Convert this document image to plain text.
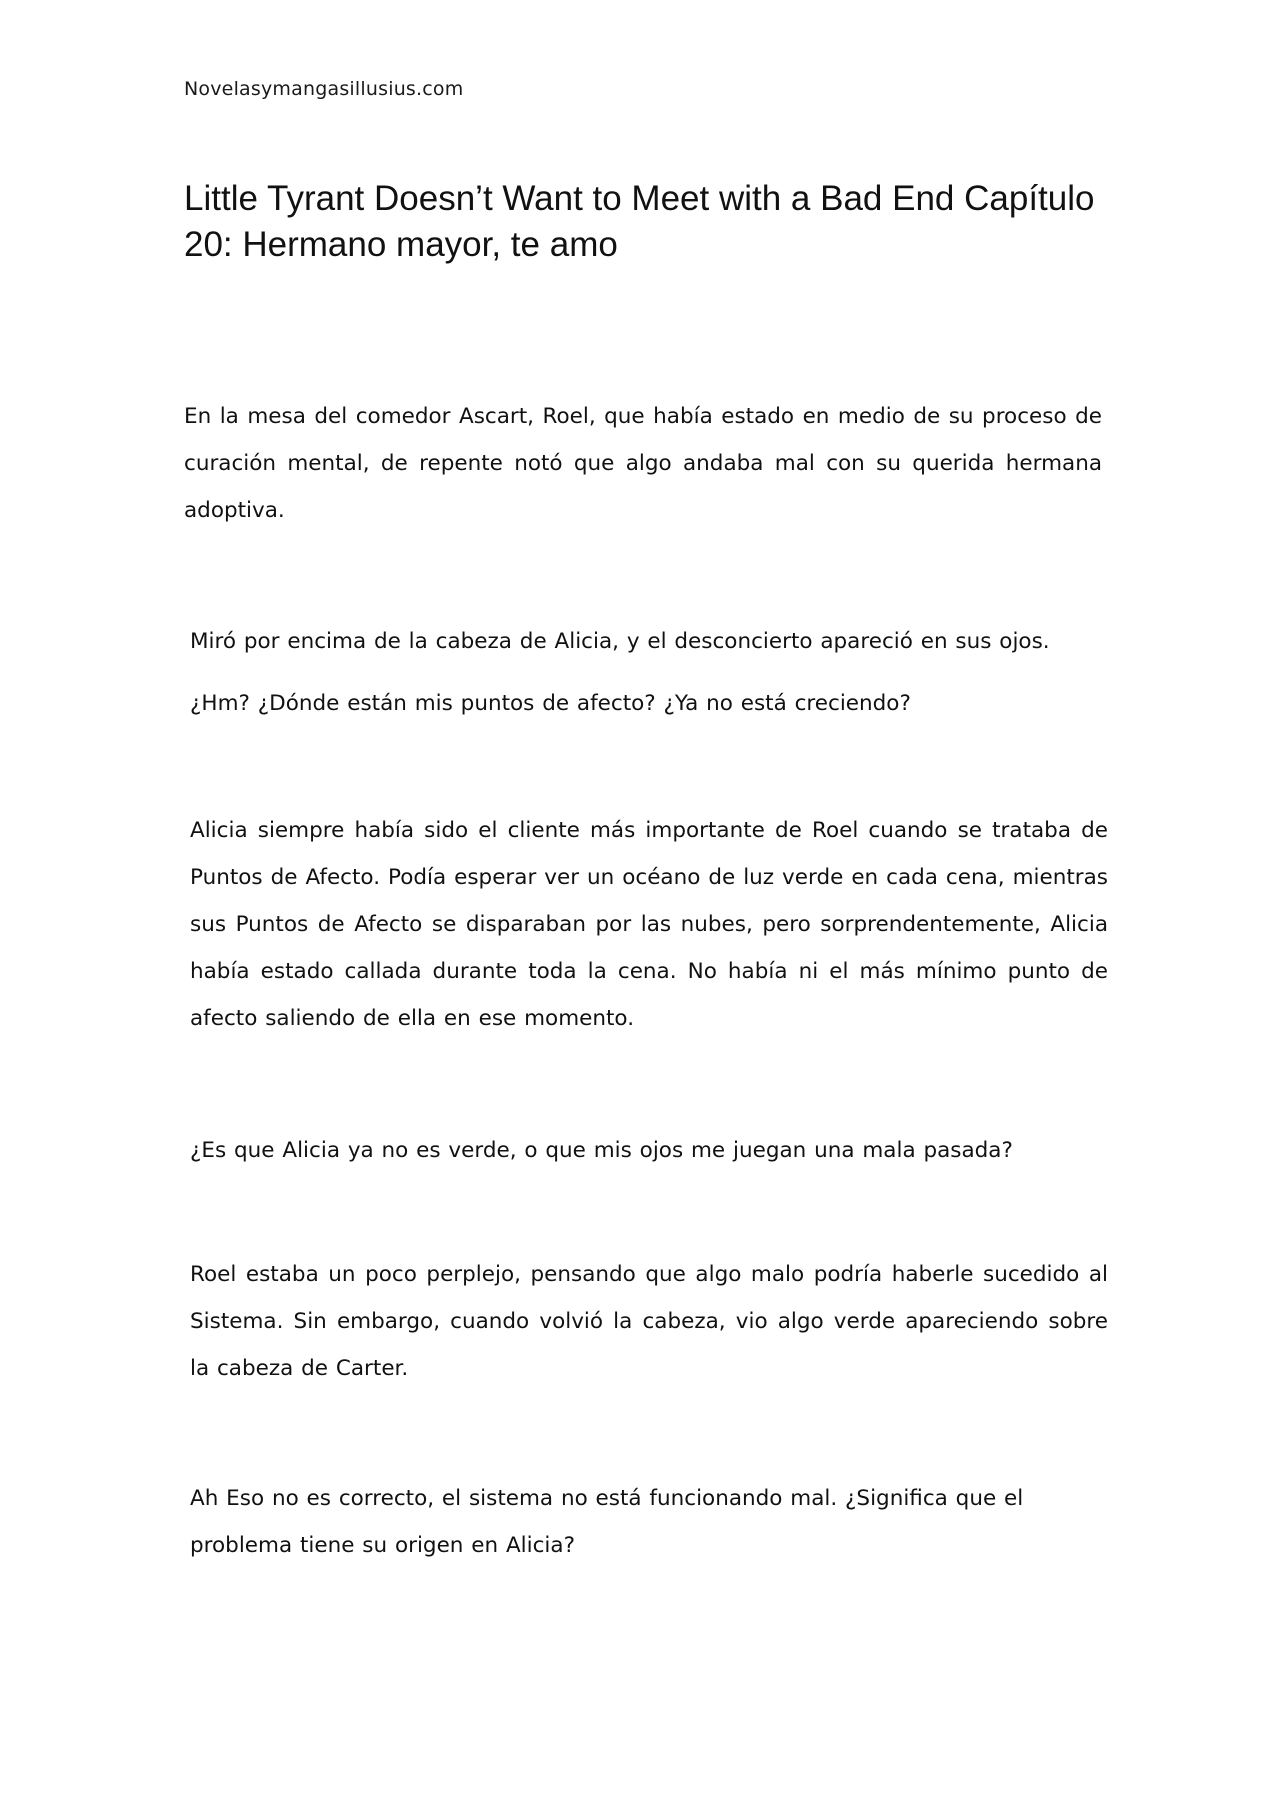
Novelasymangasillusius.com
Little Tyrant Doesn’t Want to Meet with a Bad End Capítulo 20: Hermano mayor, te amo

En la mesa del comedor Ascart, Roel, que había estado en medio de su proceso de curación mental, de repente notó que algo andaba mal con su querida hermana adoptiva.

Miró por encima de la cabeza de Alicia, y el desconcierto apareció en sus ojos.

¿Hm? ¿Dónde están mis puntos de afecto? ¿Ya no está creciendo?

Alicia siempre había sido el cliente más importante de Roel cuando se trataba de Puntos de Afecto. Podía esperar ver un océano de luz verde en cada cena, mientras sus Puntos de Afecto se disparaban por las nubes, pero sorprendentemente, Alicia había estado callada durante toda la cena. No había ni el más mínimo punto de afecto saliendo de ella en ese momento.

¿Es que Alicia ya no es verde, o que mis ojos me juegan una mala pasada?

Roel estaba un poco perplejo, pensando que algo malo podría haberle sucedido al Sistema. Sin embargo, cuando volvió la cabeza, vio algo verde apareciendo sobre la cabeza de Carter.

Ah Eso no es correcto, el sistema no está funcionando mal. ¿Significa que el problema tiene su origen en Alicia?
